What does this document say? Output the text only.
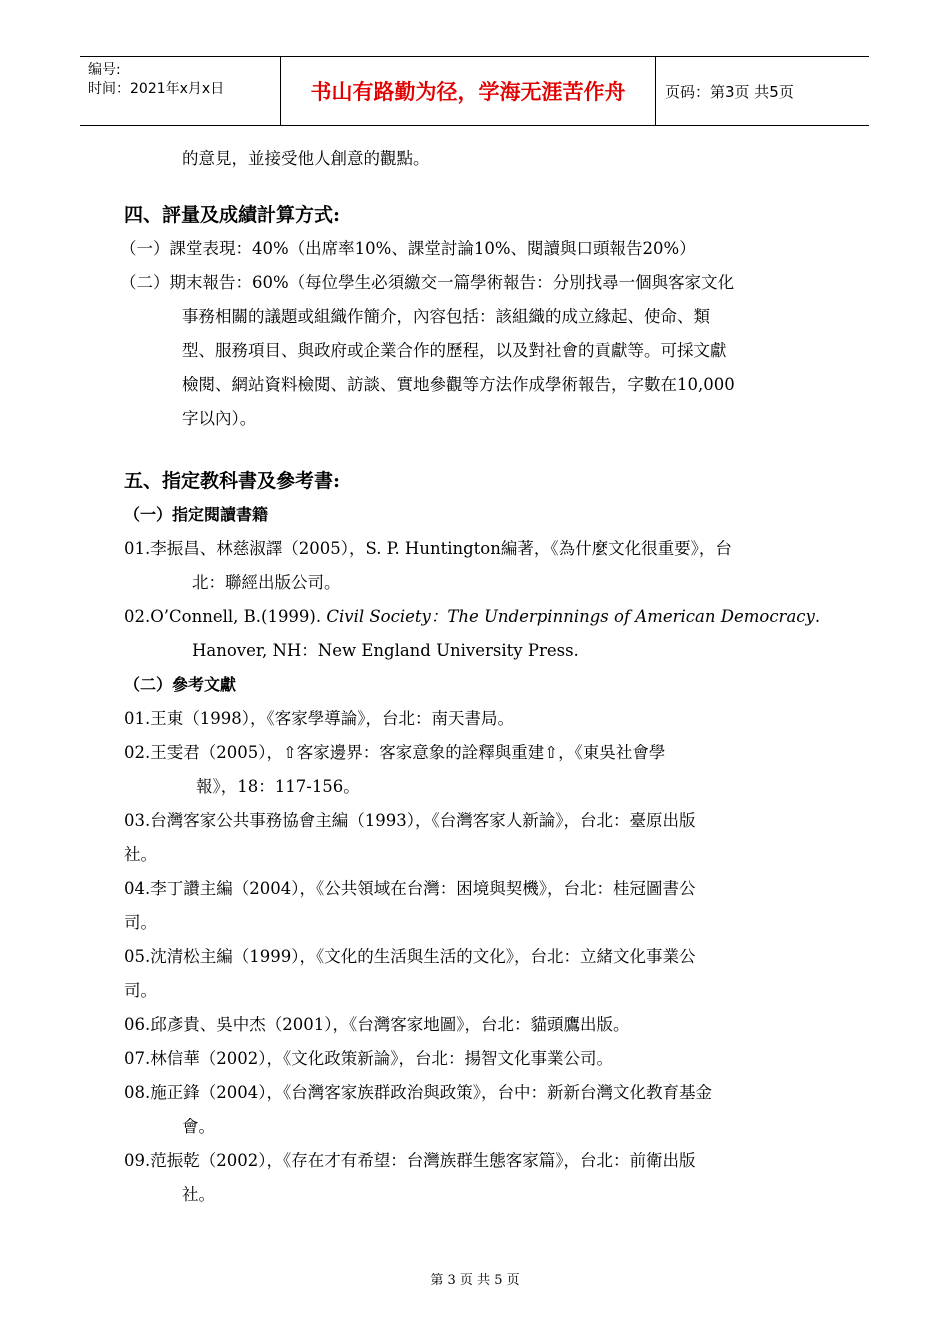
编号:
时间：2021年x月x日	书山有路勤为径，学海无涯苦作舟	页码：第3页 共5页
的意見，並接受他人創意的觀點。
四、評量及成績計算方式:
（一） 課堂表現：40%（出席率10%、課堂討論10%、閱讀與口頭報告20%）
（二） 期末報告：60%（每位學生必須繳交一篇學術報告：分別找尋一個與客家文化
事務相關的議題或組織作簡介，內容包括：該組織的成立緣起、使命、類
型、服務項目、與政府或企業合作的歷程，以及對社會的貢獻等。可採文獻
檢閱、網站資料檢閱、訪談、實地參觀等方法作成學術報告，字數在10,000
字以內）。
五、指定教科書及參考書:
（一）指定閱讀書籍
01.李振昌、林慈淑譯（2005），S. P. Huntington編著，《為什麼文化很重要》，台
北：聯經出版公司。
02.O’Connell, B.(1999). Civil Society：The Underpinnings of American Democracy.
Hanover, NH：New England University Press.
（二）參考文獻
01.王東（1998），《客家學導論》，台北：南天書局。
02.王雯君（2005），⇧客家邊界：客家意象的詮釋與重建⇧，《東吳社會學
報》，18：117-156。
03.台灣客家公共事務協會主編（1993），《台灣客家人新論》，台北：臺原出版
社。
04.李丁讚主編（2004），《公共領域在台灣：困境與契機》，台北：桂冠圖書公
司。
05.沈清松主編（1999），《文化的生活與生活的文化》，台北：立緒文化事業公
司。
06.邱彥貴、吳中杰（2001），《台灣客家地圖》，台北：貓頭鷹出版。
07.林信華（2002），《文化政策新論》，台北：揚智文化事業公司。
08.施正鋒（2004），《台灣客家族群政治與政策》，台中：新新台灣文化教育基金
會。
09.范振乾（2002），《存在才有希望：台灣族群生態客家篇》，台北：前衛出版
社。
第 3 页 共 5 页
